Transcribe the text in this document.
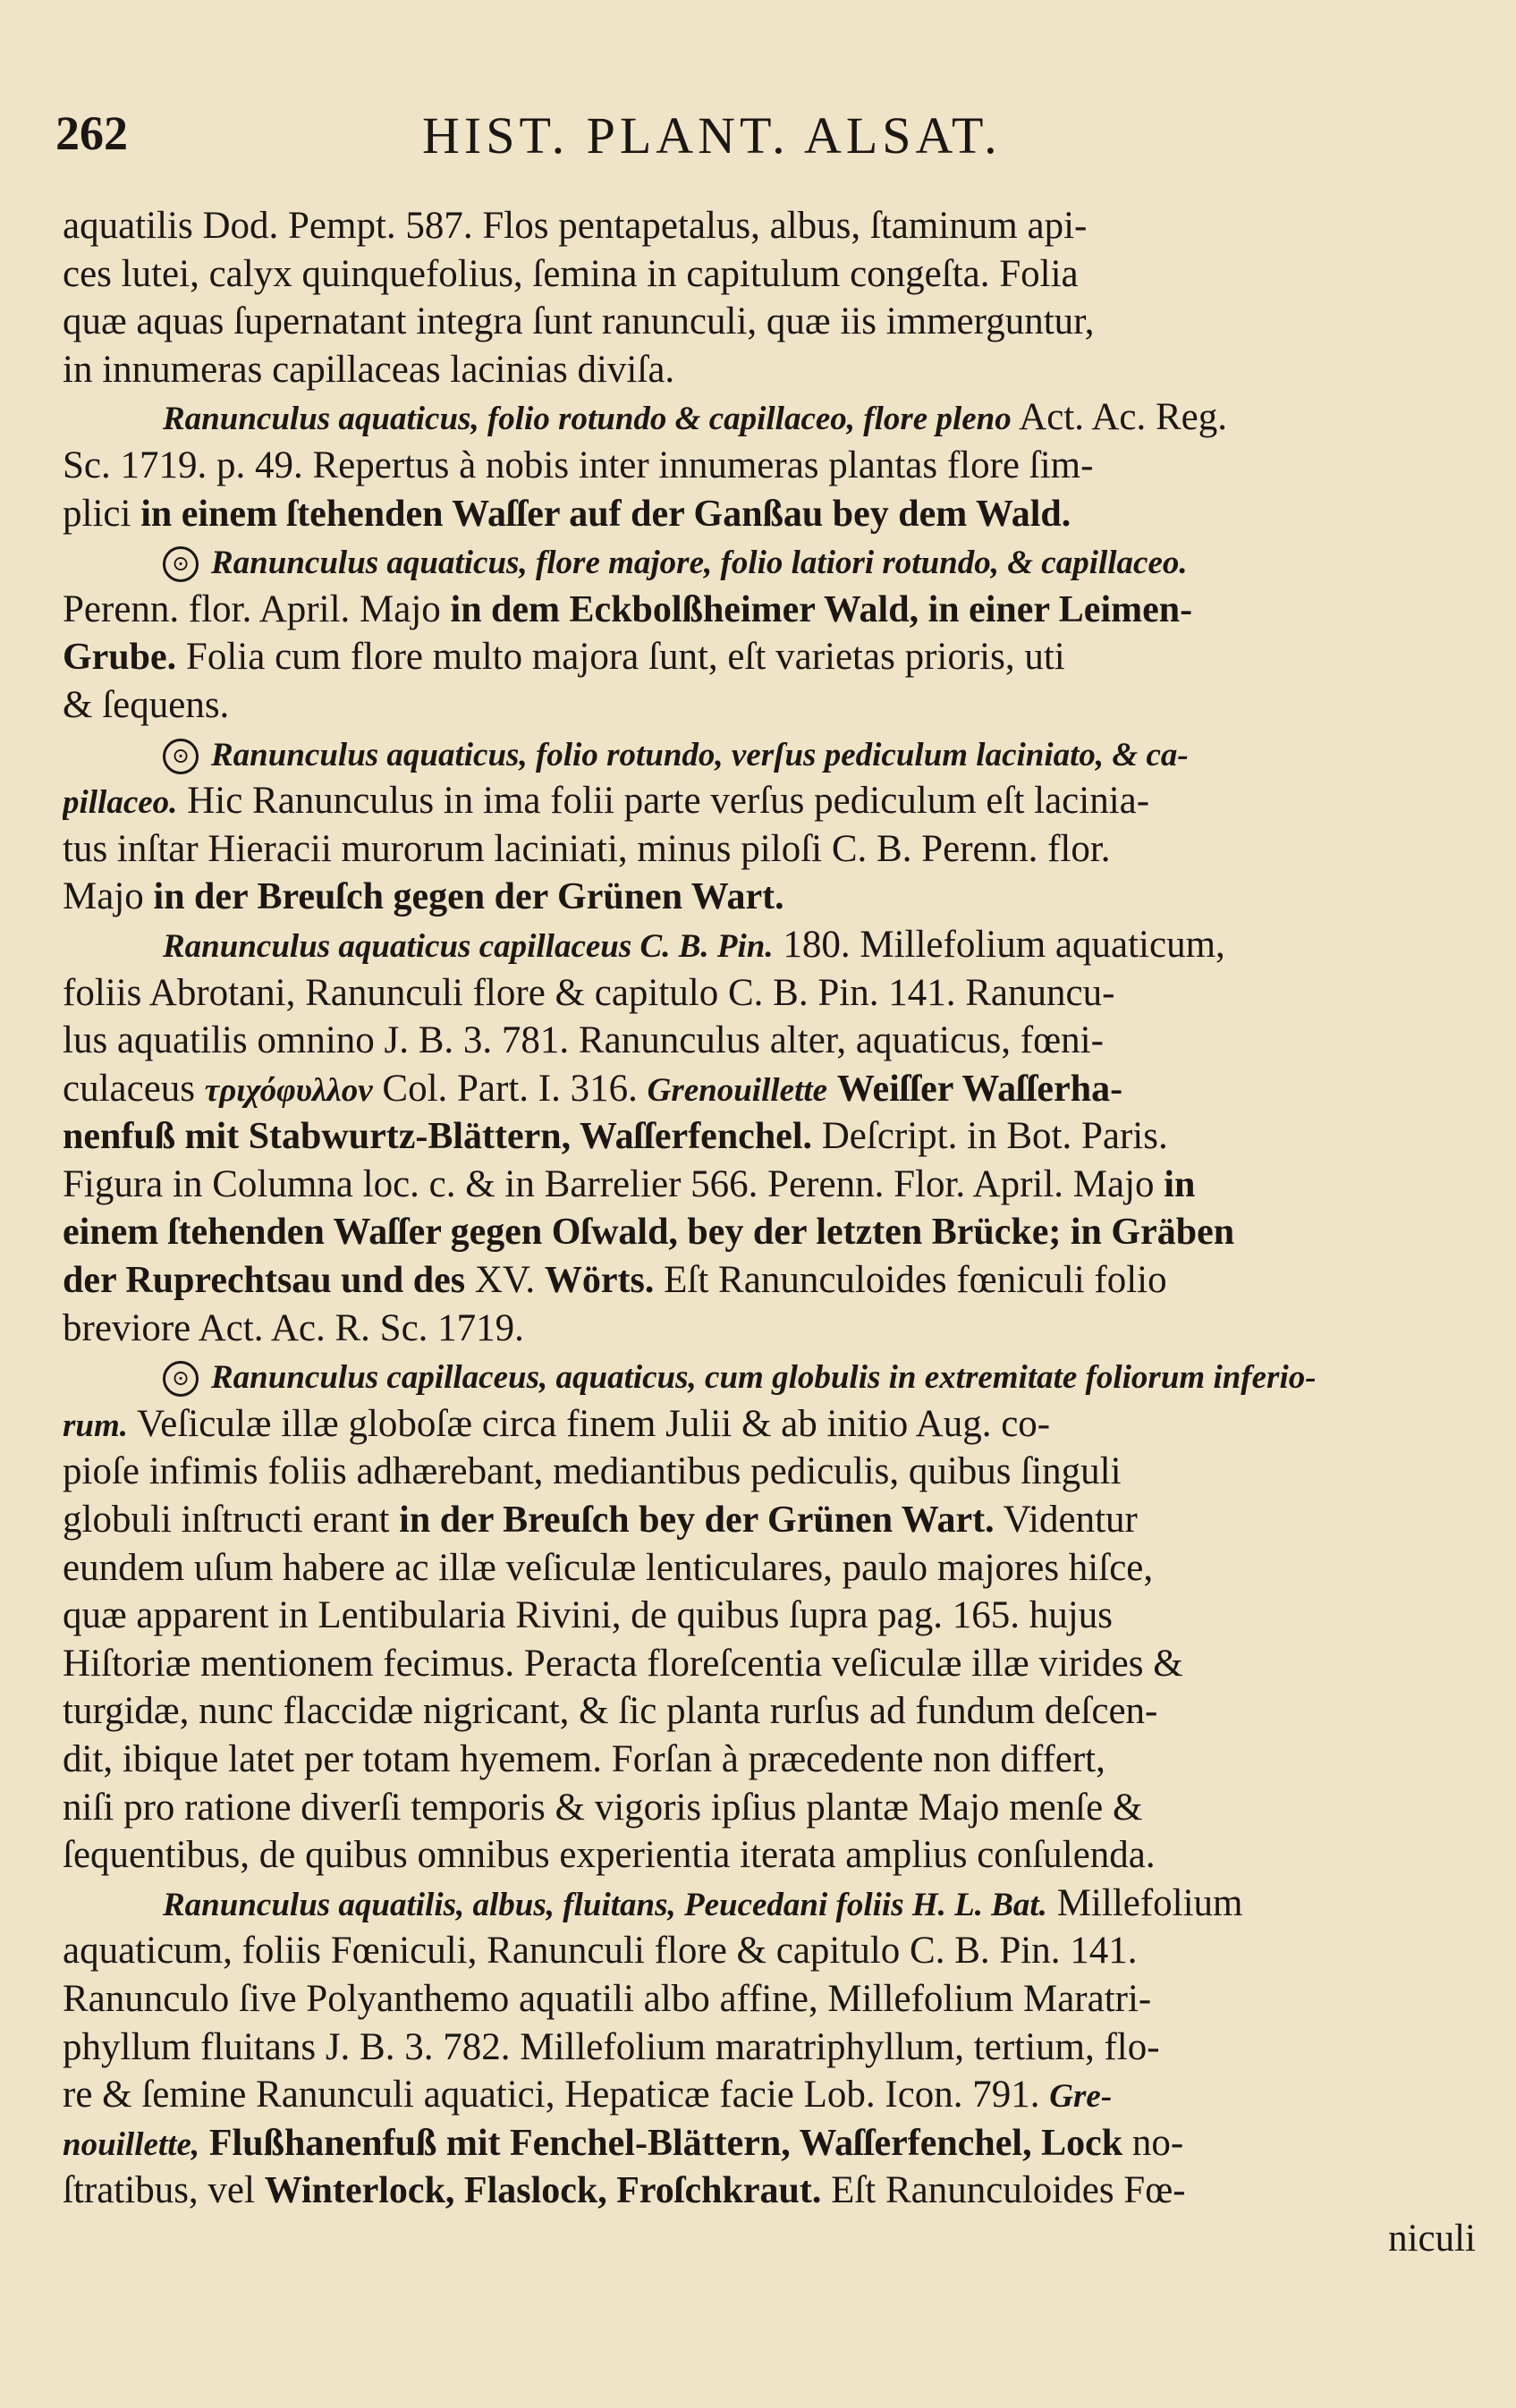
262	HIST. PLANT. ALSAT.
aquatilis Dod. Pempt. 587. Flos pentapetalus, albus, ſtaminum api-
ces lutei, calyx quinquefolius, ſemina in capitulum congeſta. Folia
quæ aquas ſupernatant integra ſunt ranunculi, quæ iis immerguntur,
in innumeras capillaceas lacinias diviſa.
Ranunculus aquaticus, folio rotundo & capillaceo, flore pleno Act. Ac. Reg.
Sc. 1719. p. 49. Repertus à nobis inter innumeras plantas flore ſim-
plici in einem ſtehenden Waſſer auf der Ganßau bey dem Wald.
⊙ Ranunculus aquaticus, flore majore, folio latiori rotundo, & capillaceo.
Perenn. flor. April. Majo in dem Eckbolßheimer Wald, in einer Leimen-
Grube. Folia cum flore multo majora ſunt, eſt varietas prioris, uti
& ſequens.
⊙ Ranunculus aquaticus, folio rotundo, verſus pediculum laciniato, & ca-
pillaceo. Hic Ranunculus in ima folii parte verſus pediculum eſt lacinia-
tus inſtar Hieracii murorum laciniati, minus piloſi C. B. Perenn. flor.
Majo in der Breuſch gegen der Grünen Wart.
Ranunculus aquaticus capillaceus C. B. Pin. 180. Millefolium aquaticum,
foliis Abrotani, Ranunculi flore & capitulo C. B. Pin. 141. Ranuncu-
lus aquatilis omnino J. B. 3. 781. Ranunculus alter, aquaticus, fœni-
culaceus τριχόφυλλον Col. Part. I. 316. Grenouillette Weiſſer Waſſerha-
nenfuß mit Stabwurtz-Blättern, Waſſerfenchel. Deſcript. in Bot. Paris.
Figura in Columna loc. c. & in Barrelier 566. Perenn. Flor. April. Majo in
einem ſtehenden Waſſer gegen Oſwald, bey der letzten Brücke; in Gräben
der Ruprechtsau und des XV. Wörts. Eſt Ranunculoides fœniculi folio
breviore Act. Ac. R. Sc. 1719.
⊙ Ranunculus capillaceus, aquaticus, cum globulis in extremitate foliorum inferio-
rum. Veſiculæ illæ globoſæ circa finem Julii & ab initio Aug. co-
pioſe infimis foliis adhærebant, mediantibus pediculis, quibus ſinguli
globuli inſtructi erant in der Breuſch bey der Grünen Wart. Videntur
eundem uſum habere ac illæ veſiculæ lenticulares, paulo majores hiſce,
quæ apparent in Lentibularia Rivini, de quibus ſupra pag. 165. hujus
Hiſtoriæ mentionem fecimus. Peracta floreſcentia veſiculæ illæ virides &
turgidæ, nunc flaccidæ nigricant, & ſic planta rurſus ad fundum deſcen-
dit, ibique latet per totam hyemem. Forſan à præcedente non differt,
niſi pro ratione diverſi temporis & vigoris ipſius plantæ Majo menſe &
ſequentibus, de quibus omnibus experientia iterata amplius conſulenda.
Ranunculus aquatilis, albus, fluitans, Peucedani foliis H. L. Bat. Millefolium
aquaticum, foliis Fœniculi, Ranunculi flore & capitulo C. B. Pin. 141.
Ranunculo ſive Polyanthemo aquatili albo affine, Millefolium Maratri-
phyllum fluitans J. B. 3. 782. Millefolium maratriphyllum, tertium, flo-
re & ſemine Ranunculi aquatici, Hepaticæ facie Lob. Icon. 791. Gre-
nouillette, Flußhanenfuß mit Fenchel-Blättern, Waſſerfenchel, Lock no-
ſtratibus, vel Winterlock, Flaslock, Froſchkraut. Eſt Ranunculoides Fœ-
niculi
